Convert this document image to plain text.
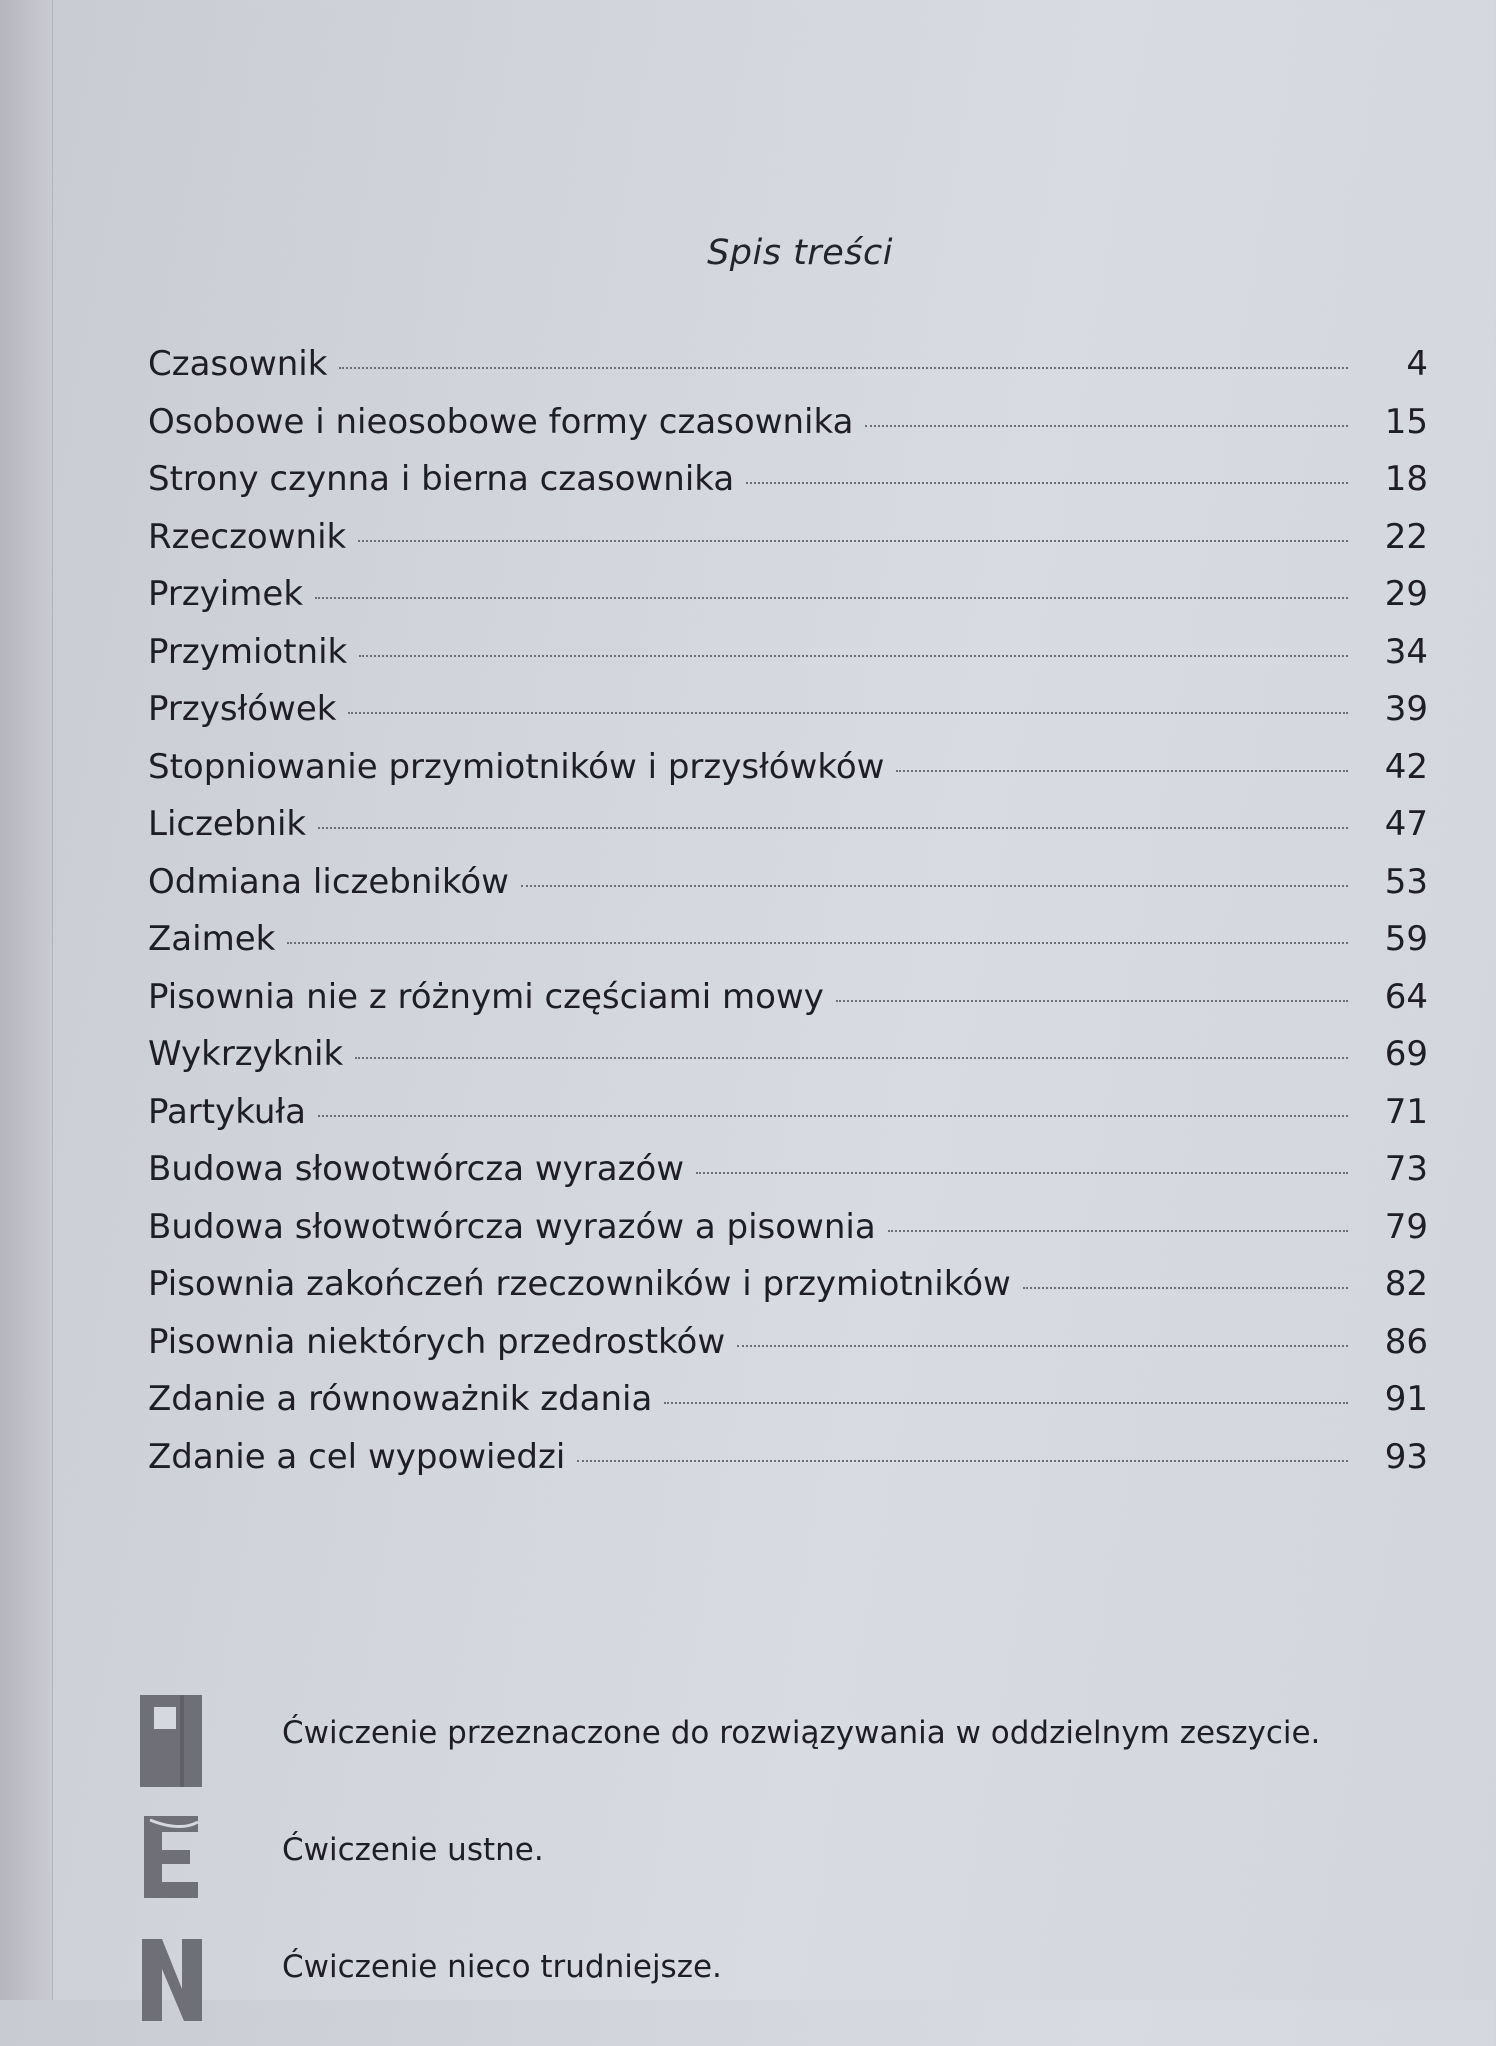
Spis treści
Czasownik	4
Osobowe i nieosobowe formy czasownika	15
Strony czynna i bierna czasownika	18
Rzeczownik	22
Przyimek	29
Przymiotnik	34
Przysłówek	39
Stopniowanie przymiotników i przysłówków	42
Liczebnik	47
Odmiana liczebników	53
Zaimek	59
Pisownia nie z różnymi częściami mowy	64
Wykrzyknik	69
Partykuła	71
Budowa słowotwórcza wyrazów	73
Budowa słowotwórcza wyrazów a pisownia	79
Pisownia zakończeń rzeczowników i przymiotników	82
Pisownia niektórych przedrostków	86
Zdanie a równoważnik zdania	91
Zdanie a cel wypowiedzi	93
Ćwiczenie przeznaczone do rozwiązywania w oddzielnym zeszycie.
Ćwiczenie ustne.
Ćwiczenie nieco trudniejsze.
